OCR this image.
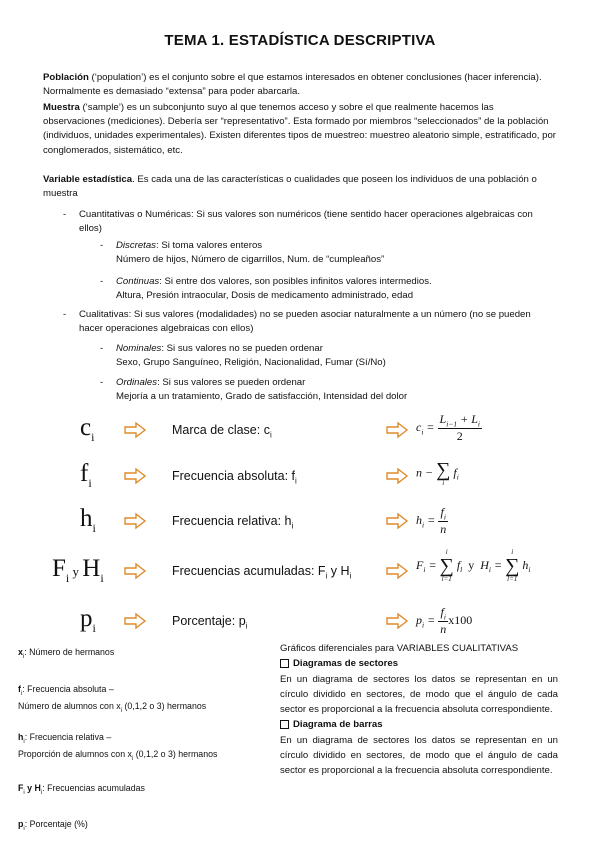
TEMA 1. ESTADÍSTICA DESCRIPTIVA
Población (‘population’) es el conjunto sobre el que estamos interesados en obtener conclusiones (hacer inferencia). Normalmente es demasiado “extensa” para poder abarcarla.
Muestra (‘sample’) es un subconjunto suyo al que tenemos acceso y sobre el que realmente hacemos las observaciones (mediciones). Debería ser “representativo”. Esta formado por miembros “seleccionados” de la población (individuos, unidades experimentales). Existen diferentes tipos de muestreo: muestreo aleatorio simple, estratificado, por conglomerados, sistemático, etc.
Variable estadística. Es cada una de las características o cualidades que poseen los individuos de una población o muestra
- Cuantitativas o Numéricas: Si sus valores son numéricos (tiene sentido hacer operaciones algebraicas con ellos)
- Discretas: Si toma valores enteros
Número de hijos, Número de cigarrillos, Num. de “cumpleaños”
- Continuas: Si entre dos valores, son posibles infinitos valores intermedios.
Altura, Presión intraocular, Dosis de medicamento administrado, edad
- Cualitativas: Si sus valores (modalidades) no se pueden asociar naturalmente a un número (no se pueden hacer operaciones algebraicas con ellos)
- Nominales: Si sus valores no se pueden ordenar
Sexo, Grupo Sanguíneo, Religión, Nacionalidad, Fumar (Sí/No)
- Ordinales: Si sus valores se pueden ordenar
Mejoría a un tratamiento, Grado de satisfacción, Intensidad del dolor
$c_i$	Marca de clase: $c_i$
$c_i = \frac{L_{i-1} + L_i}{2}$
$f_i$	Frecuencia absoluta: $f_i$
n − ∑
i
$f_i$
$h_i$	Frecuencia relativa: $h_i$	$h_i = \frac{f_i}{n}$
$F_i$ y $H_i$	Frecuencias acumuladas: $F_i$ y $H_i$
$F_i$ =
i
∑
l=1
$f_l$ y  $H_i$ =
i
∑
l=1
$h_i$
$p_i$	Porcentaje: $p_i$	$p_i = \frac{f_i}{n} x100$
$x_i$: Número de hermanos
$f_i$: Frecuencia absoluta –
Número de alumnos con $x_i$ (0,1,2 o 3) hermanos
$h_i$: Frecuencia relativa –
Proporción de alumnos con $x_i$ (0,1,2 o 3) hermanos
$F_i$ y $H_i$: Frecuencias acumuladas
$p_i$: Porcentaje (%)
Gráficos diferenciales para VARIABLES CUALITATIVAS
Diagramas de sectores
En un diagrama de sectores los datos se representan en un círculo dividido en sectores, de modo que el ángulo de cada sector es proporcional a la frecuencia absoluta correspondiente.
Diagrama de barras
En un diagrama de sectores los datos se representan en un círculo dividido en sectores, de modo que el ángulo de cada sector es proporcional a la frecuencia absoluta correspondiente.
